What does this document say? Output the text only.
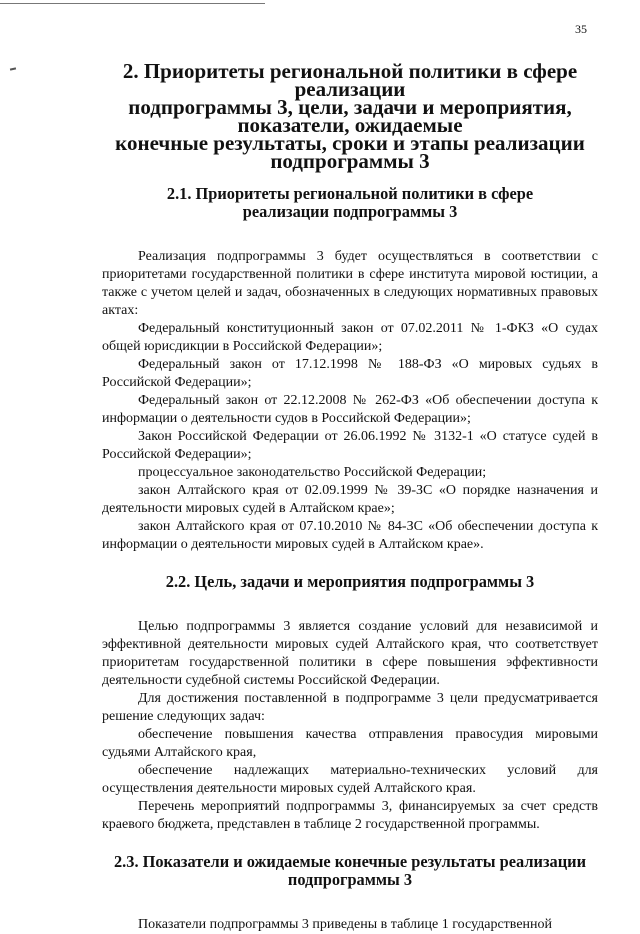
35
2. Приоритеты региональной политики в сфере реализации
подпрограммы 3, цели, задачи и мероприятия, показатели, ожидаемые
конечные результаты, сроки и этапы реализации подпрограммы 3
2.1. Приоритеты региональной политики в сфере
реализации подпрограммы 3

Реализация подпрограммы 3 будет осуществляться в соответствии с приоритетами государственной политики в сфере института мировой юстиции, а также с учетом целей и задач, обозначенных в следующих нормативных правовых актах:

Федеральный конституционный закон от 07.02.2011 № 1-ФКЗ «О судах общей юрисдикции в Российской Федерации»;

Федеральный закон от 17.12.1998 № 188-ФЗ «О мировых судьях в Российской Федерации»;

Федеральный закон от 22.12.2008 № 262-ФЗ «Об обеспечении доступа к информации о деятельности судов в Российской Федерации»;

Закон Российской Федерации от 26.06.1992 № 3132-1 «О статусе судей в Российской Федерации»;

процессуальное законодательство Российской Федерации;

закон Алтайского края от 02.09.1999 № 39-ЗС «О порядке назначения и деятельности мировых судей в Алтайском крае»;

закон Алтайского края от 07.10.2010 № 84-ЗС «Об обеспечении доступа к информации о деятельности мировых судей в Алтайском крае».

2.2. Цель, задачи и мероприятия подпрограммы 3

Целью подпрограммы 3 является создание условий для независимой и эффективной деятельности мировых судей Алтайского края, что соответствует приоритетам государственной политики в сфере повышения эффективности деятельности судебной системы Российской Федерации.

Для достижения поставленной в подпрограмме 3 цели предусматривается решение следующих задач:

обеспечение повышения качества отправления правосудия мировыми судьями Алтайского края,

обеспечение надлежащих материально-технических условий для осуществления деятельности мировых судей Алтайского края.

Перечень мероприятий подпрограммы 3, финансируемых за счет средств краевого бюджета, представлен в таблице 2 государственной программы.

2.3. Показатели и ожидаемые конечные результаты реализации
подпрограммы 3

Показатели подпрограммы 3 приведены в таблице 1 государственной
